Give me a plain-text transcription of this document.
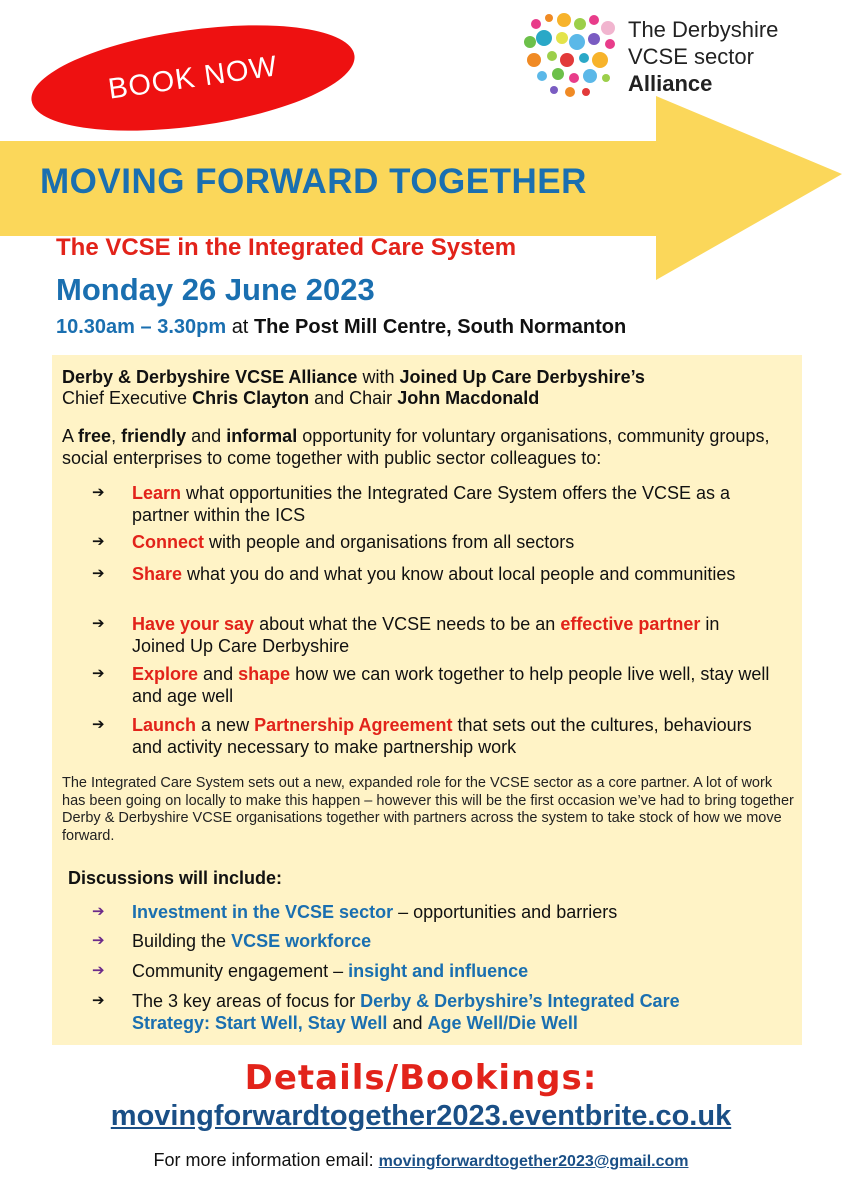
BOOK NOW
The Derbyshire
VCSE sector
Alliance
MOVING FORWARD TOGETHER
The VCSE in the Integrated Care System
Monday 26 June 2023
10.30am – 3.30pm at The Post Mill Centre, South Normanton
Derby & Derbyshire VCSE Alliance with Joined Up Care Derbyshire’s
Chief Executive Chris Clayton and Chair John Macdonald
A free, friendly and informal opportunity for voluntary organisations, community groups, social enterprises to come together with public sector colleagues to:
➔ Learn what opportunities the Integrated Care System offers the VCSE as a partner within the ICS
➔ Connect with people and organisations from all sectors
➔ Share what you do and what you know about local people and communities
➔ Have your say about what the VCSE needs to be an effective partner in Joined Up Care Derbyshire
➔ Explore and shape how we can work together to help people live well, stay well and age well
➔ Launch a new Partnership Agreement that sets out the cultures, behaviours and activity necessary to make partnership work
The Integrated Care System sets out a new, expanded role for the VCSE sector as a core partner. A lot of work has been going on locally to make this happen – however this will be the first occasion we’ve had to bring together Derby & Derbyshire VCSE organisations together with partners across the system to take stock of how we move forward.
Discussions will include:
➔ Investment in the VCSE sector – opportunities and barriers
➔ Building the VCSE workforce
➔ Community engagement – insight and influence
➔ The 3 key areas of focus for Derby & Derbyshire’s Integrated Care Strategy: Start Well, Stay Well and Age Well/Die Well
Details/Bookings:
movingforwardtogether2023.eventbrite.co.uk
For more information email: movingforwardtogether2023@gmail.com
